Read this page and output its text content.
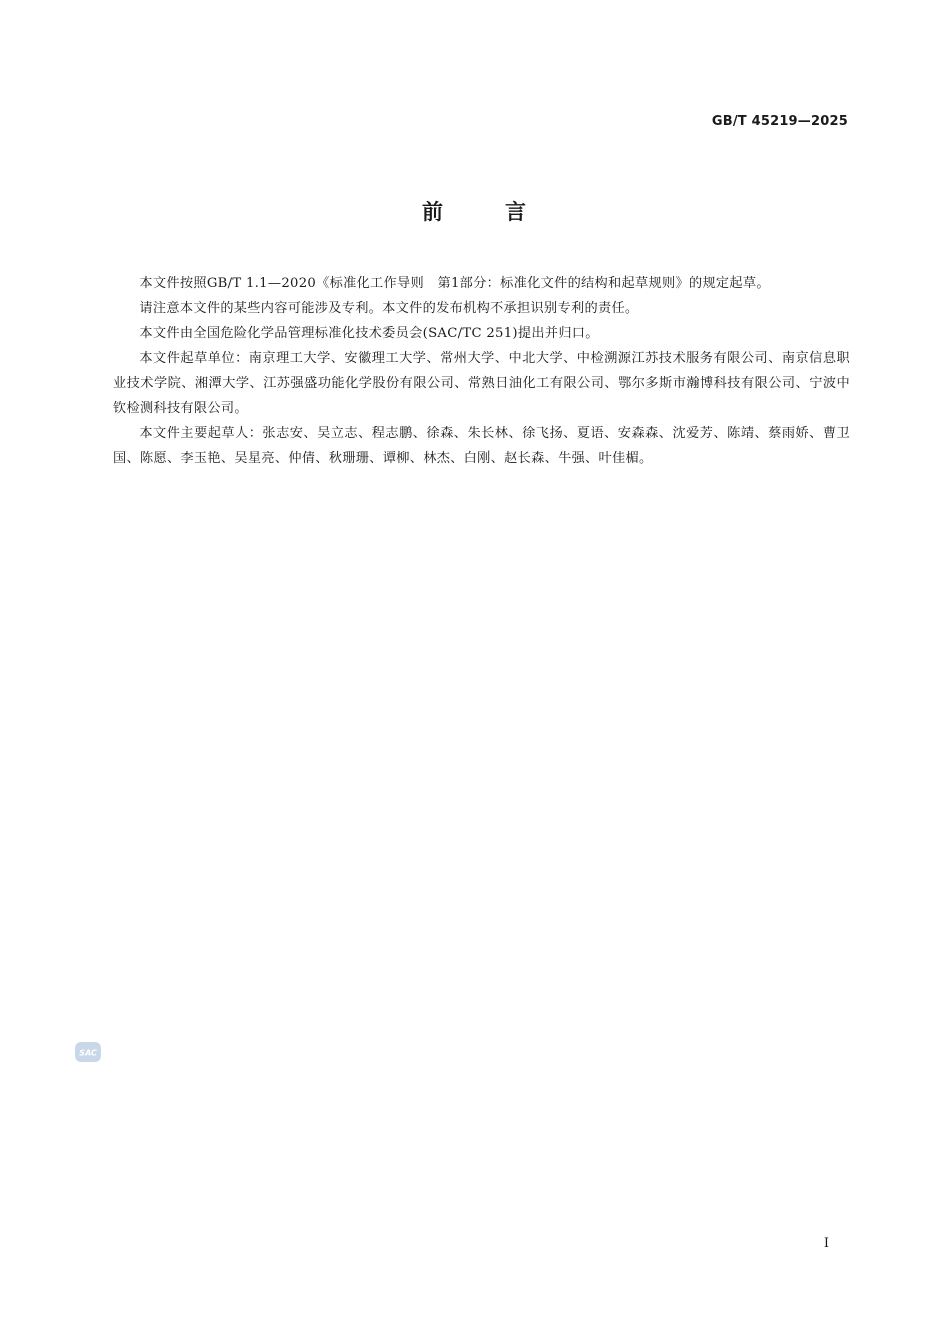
GB/T 45219—2025
前	言

本文件按照GB/T 1.1—2020《标准化工作导则　第1部分：标准化文件的结构和起草规则》的规定起草。

请注意本文件的某些内容可能涉及专利。本文件的发布机构不承担识别专利的责任。

本文件由全国危险化学品管理标准化技术委员会(SAC/TC 251)提出并归口。

本文件起草单位：南京理工大学、安徽理工大学、常州大学、中北大学、中检溯源江苏技术服务有限公司、南京信息职业技术学院、湘潭大学、江苏强盛功能化学股份有限公司、常熟日油化工有限公司、鄂尔多斯市瀚博科技有限公司、宁波中钦检测科技有限公司。

本文件主要起草人：张志安、吴立志、程志鹏、徐森、朱长林、徐飞扬、夏语、安森森、沈爱芳、陈靖、蔡雨娇、曹卫国、陈愿、李玉艳、吴星亮、仲倩、秋珊珊、谭柳、林杰、白刚、赵长森、牛强、叶佳楣。

SAC
I
